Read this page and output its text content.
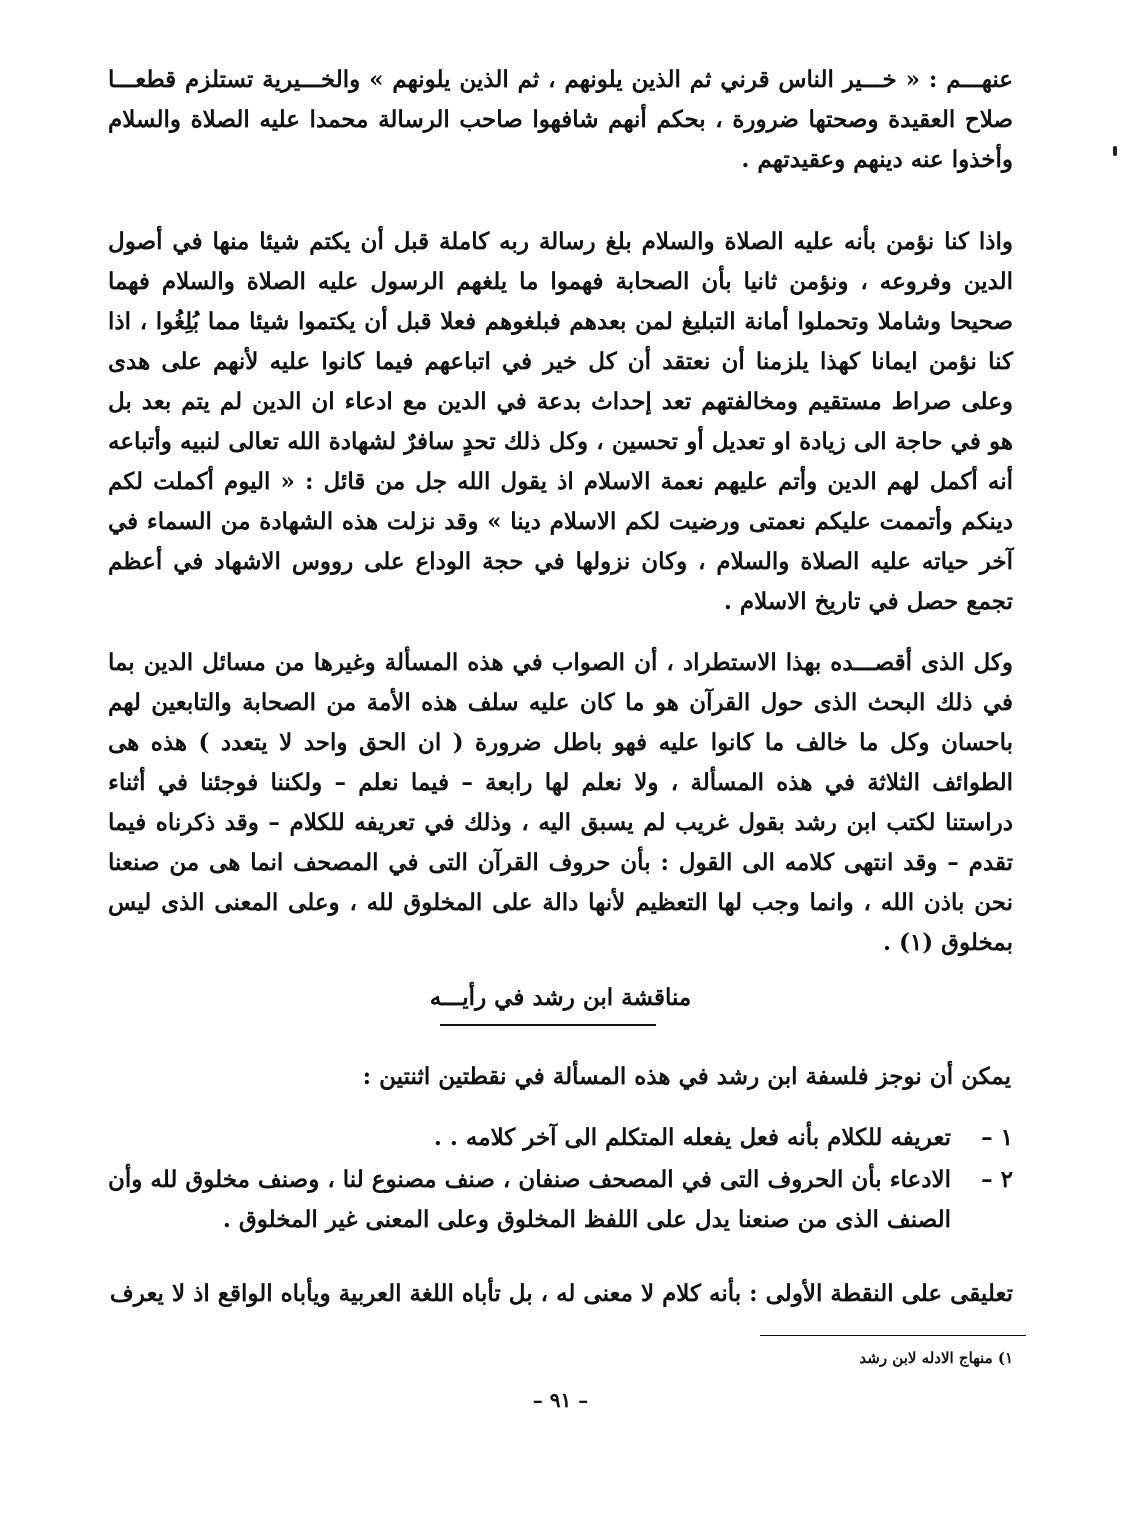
عنهـــم : « خـــير الناس قرني ثم الذين يلونهم ، ثم الذين يلونهم » والخـــيرية تستلزم قطعـــا صلاح العقيدة وصحتها ضرورة ، بحكم أنهم شافهوا صاحب الرسالة محمدا عليه الصلاة والسلام وأخذوا عنه دينهم وعقيدتهم .

واذا كنا نؤمن بأنه عليه الصلاة والسلام بلغ رسالة ربه كاملة قبل أن يكتم شيئا منها في أصول الدين وفروعه ، ونؤمن ثانيا بأن الصحابة فهموا ما يلغهم الرسول عليه الصلاة والسلام فهما صحيحا وشاملا وتحملوا أمانة التبليغ لمن بعدهم فبلغوهم فعلا قبل أن يكتموا شيئا مما بُلِغُوا ، اذا كنا نؤمن ايمانا كهذا يلزمنا أن نعتقد أن كل خير في اتباعهم فيما كانوا عليه لأنهم على هدى وعلى صراط مستقيم ومخالفتهم تعد إحداث بدعة في الدين مع ادعاء ان الدين لم يتم بعد بل هو في حاجة الى زيادة او تعديل أو تحسين ، وكل ذلك تحدٍ سافرٌ لشهادة الله تعالى لنبيه وأتباعه أنه أكمل لهم الدين وأتم عليهم نعمة الاسلام اذ يقول الله جل من قائل : « اليوم أكملت لكم دينكم وأتممت عليكم نعمتى ورضيت لكم الاسلام دينا » وقد نزلت هذه الشهادة من السماء في آخر حياته عليه الصلاة والسلام ، وكان نزولها في حجة الوداع على رووس الاشهاد في أعظم تجمع حصل في تاريخ الاسلام .

وكل الذى أقصـــده بهذا الاستطراد ، أن الصواب في هذه المسألة وغيرها من مسائل الدين بما في ذلك البحث الذى حول القرآن هو ما كان عليه سلف هذه الأمة من الصحابة والتابعين لهم باحسان وكل ما خالف ما كانوا عليه فهو باطل ضرورة ( ان الحق واحد لا يتعدد ) هذه هى الطوائف الثلاثة في هذه المسألة ، ولا نعلم لها رابعة – فيما نعلم – ولكننا فوجئنا في أثناء دراستنا لكتب ابن رشد بقول غريب لم يسبق اليه ، وذلك في تعريفه للكلام – وقد ذكرناه فيما تقدم – وقد انتهى كلامه الى القول : بأن حروف القرآن التى في المصحف انما هى من صنعنا نحن باذن الله ، وانما وجب لها التعظيم لأنها دالة على المخلوق لله ، وعلى المعنى الذى ليس بمخلوق (١) .

مناقشة ابن رشد في رأيـــه

يمكن أن نوجز فلسفة ابن رشد في هذه المسألة في نقطتين اثنتين :

١ –
تعريفه للكلام بأنه فعل يفعله المتكلم الى آخر كلامه . .
٢ –
الادعاء بأن الحروف التى في المصحف صنفان ، صنف مصنوع لنا ، وصنف مخلوق لله وأن الصنف الذى من صنعنا يدل على اللفظ المخلوق وعلى المعنى غير المخلوق .

تعليقى على النقطة الأولى : بأنه كلام لا معنى له ، بل تأباه اللغة العربية ويأباه الواقع اذ لا يعرف

١) منهاج الادله لابن رشد
– ٩١ –
